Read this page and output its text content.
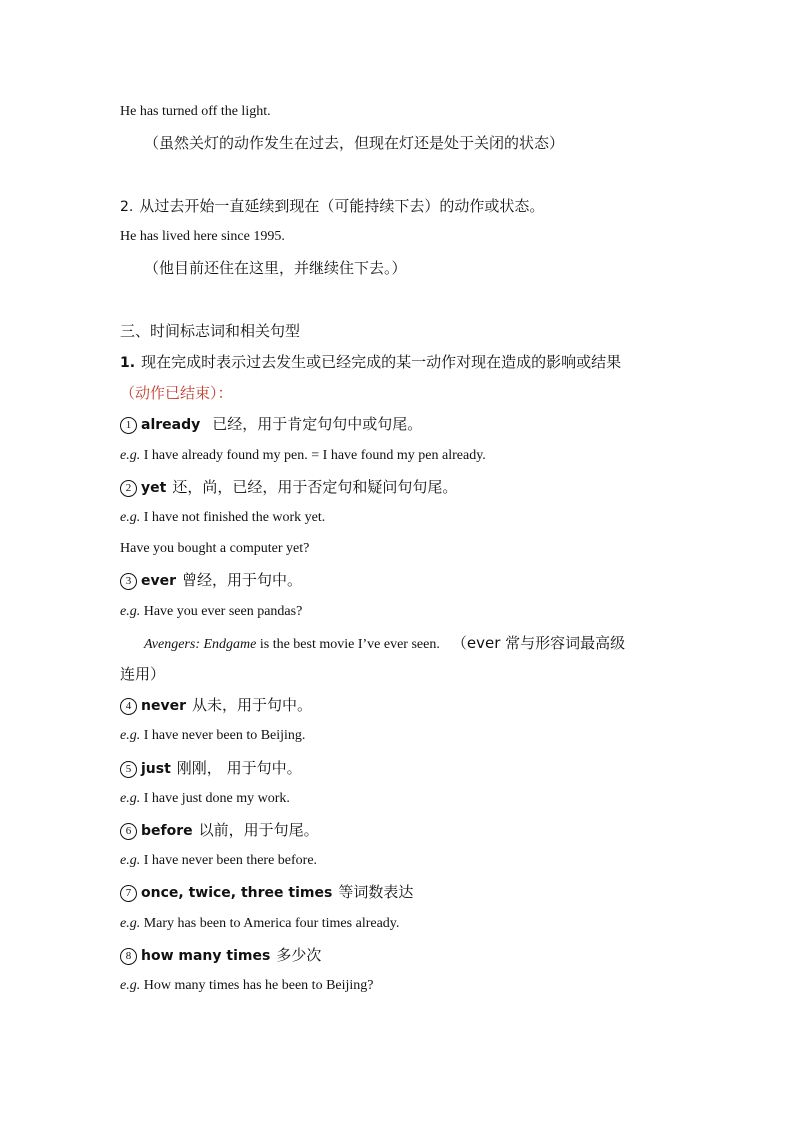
He has turned off the light.
（虽然关灯的动作发生在过去，但现在灯还是处于关闭的状态）
2. 从过去开始一直延续到现在（可能持续下去）的动作或状态。
He has lived here since 1995.
（他目前还住在这里，并继续住下去。）
三、时间标志词和相关句型
1. 现在完成时表示过去发生或已经完成的某一动作对现在造成的影响或结果
（动作已结束）：
1 already 已经，用于肯定句句中或句尾。
e.g. I have already found my pen. = I have found my pen already.
2 yet 还，尚，已经，用于否定句和疑问句句尾。
e.g. I have not finished the work yet.
Have you bought a computer yet?
3 ever 曾经，用于句中。
e.g. Have you ever seen pandas?
Avengers: Endgame is the best movie I’ve ever seen. （ever 常与形容词最高级
连用）
4 never 从未，用于句中。
e.g. I have never been to Beijing.
5 just 刚刚， 用于句中。
e.g. I have just done my work.
6 before 以前，用于句尾。
e.g. I have never been there before.
7 once, twice, three times 等词数表达
e.g. Mary has been to America four times already.
8 how many times 多少次
e.g. How many times has he been to Beijing?
